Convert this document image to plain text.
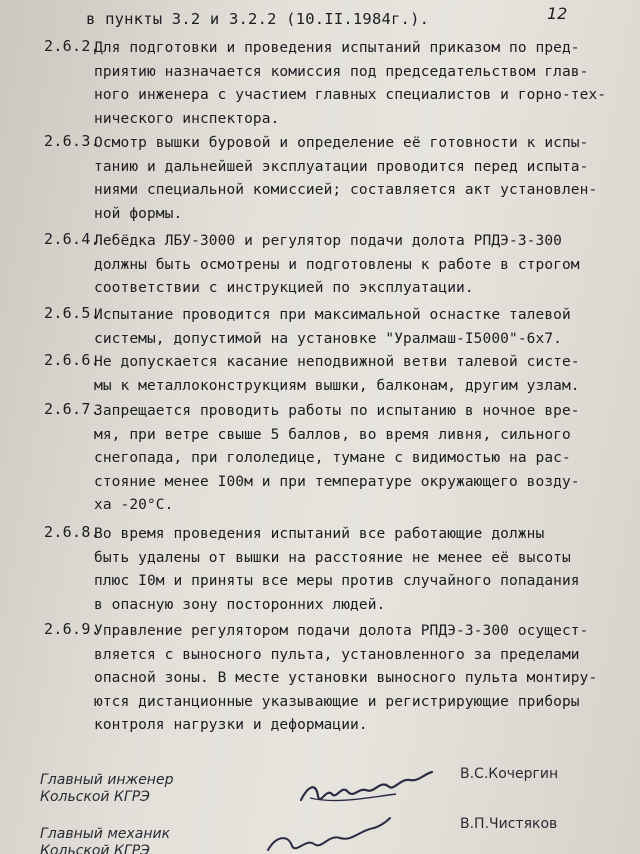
12
в пункты 3.2 и 3.2.2 (10.II.1984г.).
2.6.2.
Для подготовки и проведения испытаний приказом по пред-
приятию назначается комиссия под председательством глав-
ного инженера с участием главных специалистов и горно-тех-
нического инспектора.
2.6.3.
Осмотр вышки буровой и определение её готовности к испы-
танию и дальнейшей эксплуатации проводится перед испыта-
ниями специальной комиссией; составляется акт установлен-
ной формы.
2.6.4.
Лебёдка ЛБУ-3000 и регулятор подачи долота РПДЭ-3-300
должны быть осмотрены и подготовлены к работе в строгом
соответствии с инструкцией по эксплуатации.
2.6.5.
Испытание проводится при максимальной оснастке талевой
системы, допустимой на установке "Уралмаш-I5000"-6х7.
2.6.6.
Не допускается касание неподвижной ветви талевой систе-
мы к металлоконструкциям вышки, балконам, другим узлам.
2.6.7.
Запрещается проводить работы по испытанию в ночное вре-
мя, при ветре свыше 5 баллов, во время ливня, сильного
снегопада, при гололедице, тумане с видимостью на рас-
стояние менее I00м и при температуре окружающего возду-
ха -20°С.
2.6.8.
Во время проведения испытаний все работающие должны
быть удалены от вышки на расстояние не менее её высоты
плюс I0м и приняты все меры против случайного попадания
в опасную зону посторонних людей.
2.6.9.
Управление регулятором подачи долота РПДЭ-3-300 осущест-
вляется с выносного пульта, установленного за пределами
опасной зоны. В месте установки выносного пульта монтиру-
ются дистанционные указывающие и регистрирующие приборы
контроля нагрузки и деформации.
Главный инженер
Кольской КГРЭ
В.С.Кочергин
Главный механик
Кольской КГРЭ
В.П.Чистяков
